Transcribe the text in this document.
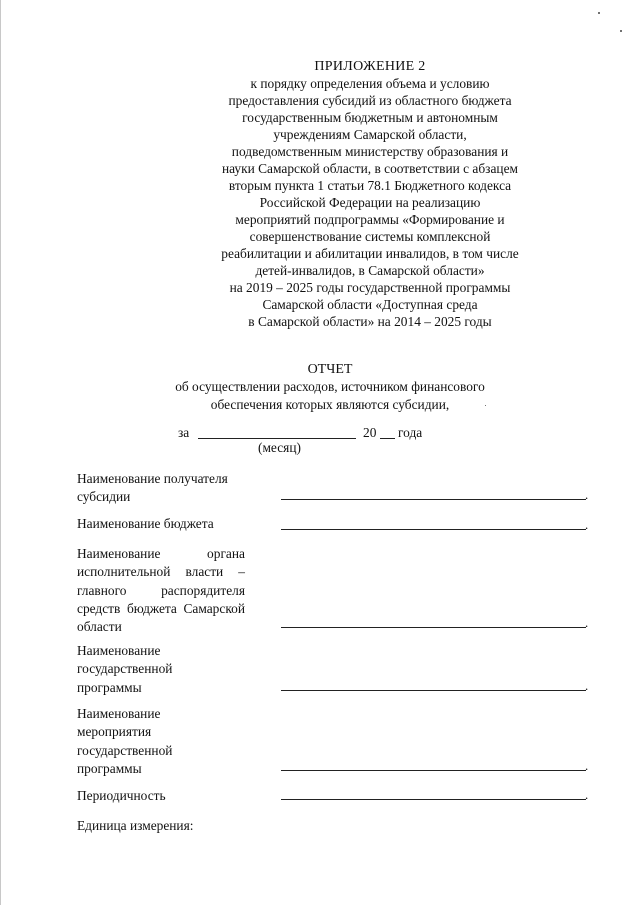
ПРИЛОЖЕНИЕ 2
к порядку определения объема и условию
предоставления субсидий из областного бюджета
государственным бюджетным и автономным
учреждениям Самарской области,
подведомственным министерству образования и
науки Самарской области, в соответствии с абзацем
вторым пункта 1 статьи 78.1 Бюджетного кодекса
Российской Федерации на реализацию
мероприятий подпрограммы «Формирование и
совершенствование системы комплексной
реабилитации и абилитации инвалидов, в том числе
детей-инвалидов, в Самарской области»
на 2019 – 2025 годы государственной программы
Самарской области «Доступная среда
в Самарской области» на 2014 – 2025 годы
ОТЧЕТ
об осуществлении расходов, источником финансового
обеспечения которых являются субсидии,
за	20 года
(месяц)
Наименование получателя субсидии	.
Наименование бюджета	.
Наименование органа исполнительной власти – главного распорядителя средств бюджета Самарской области	.
Наименование государственной программы	.
Наименование мероприятия государственной программы	.
Периодичность	.
Единица измерения:
